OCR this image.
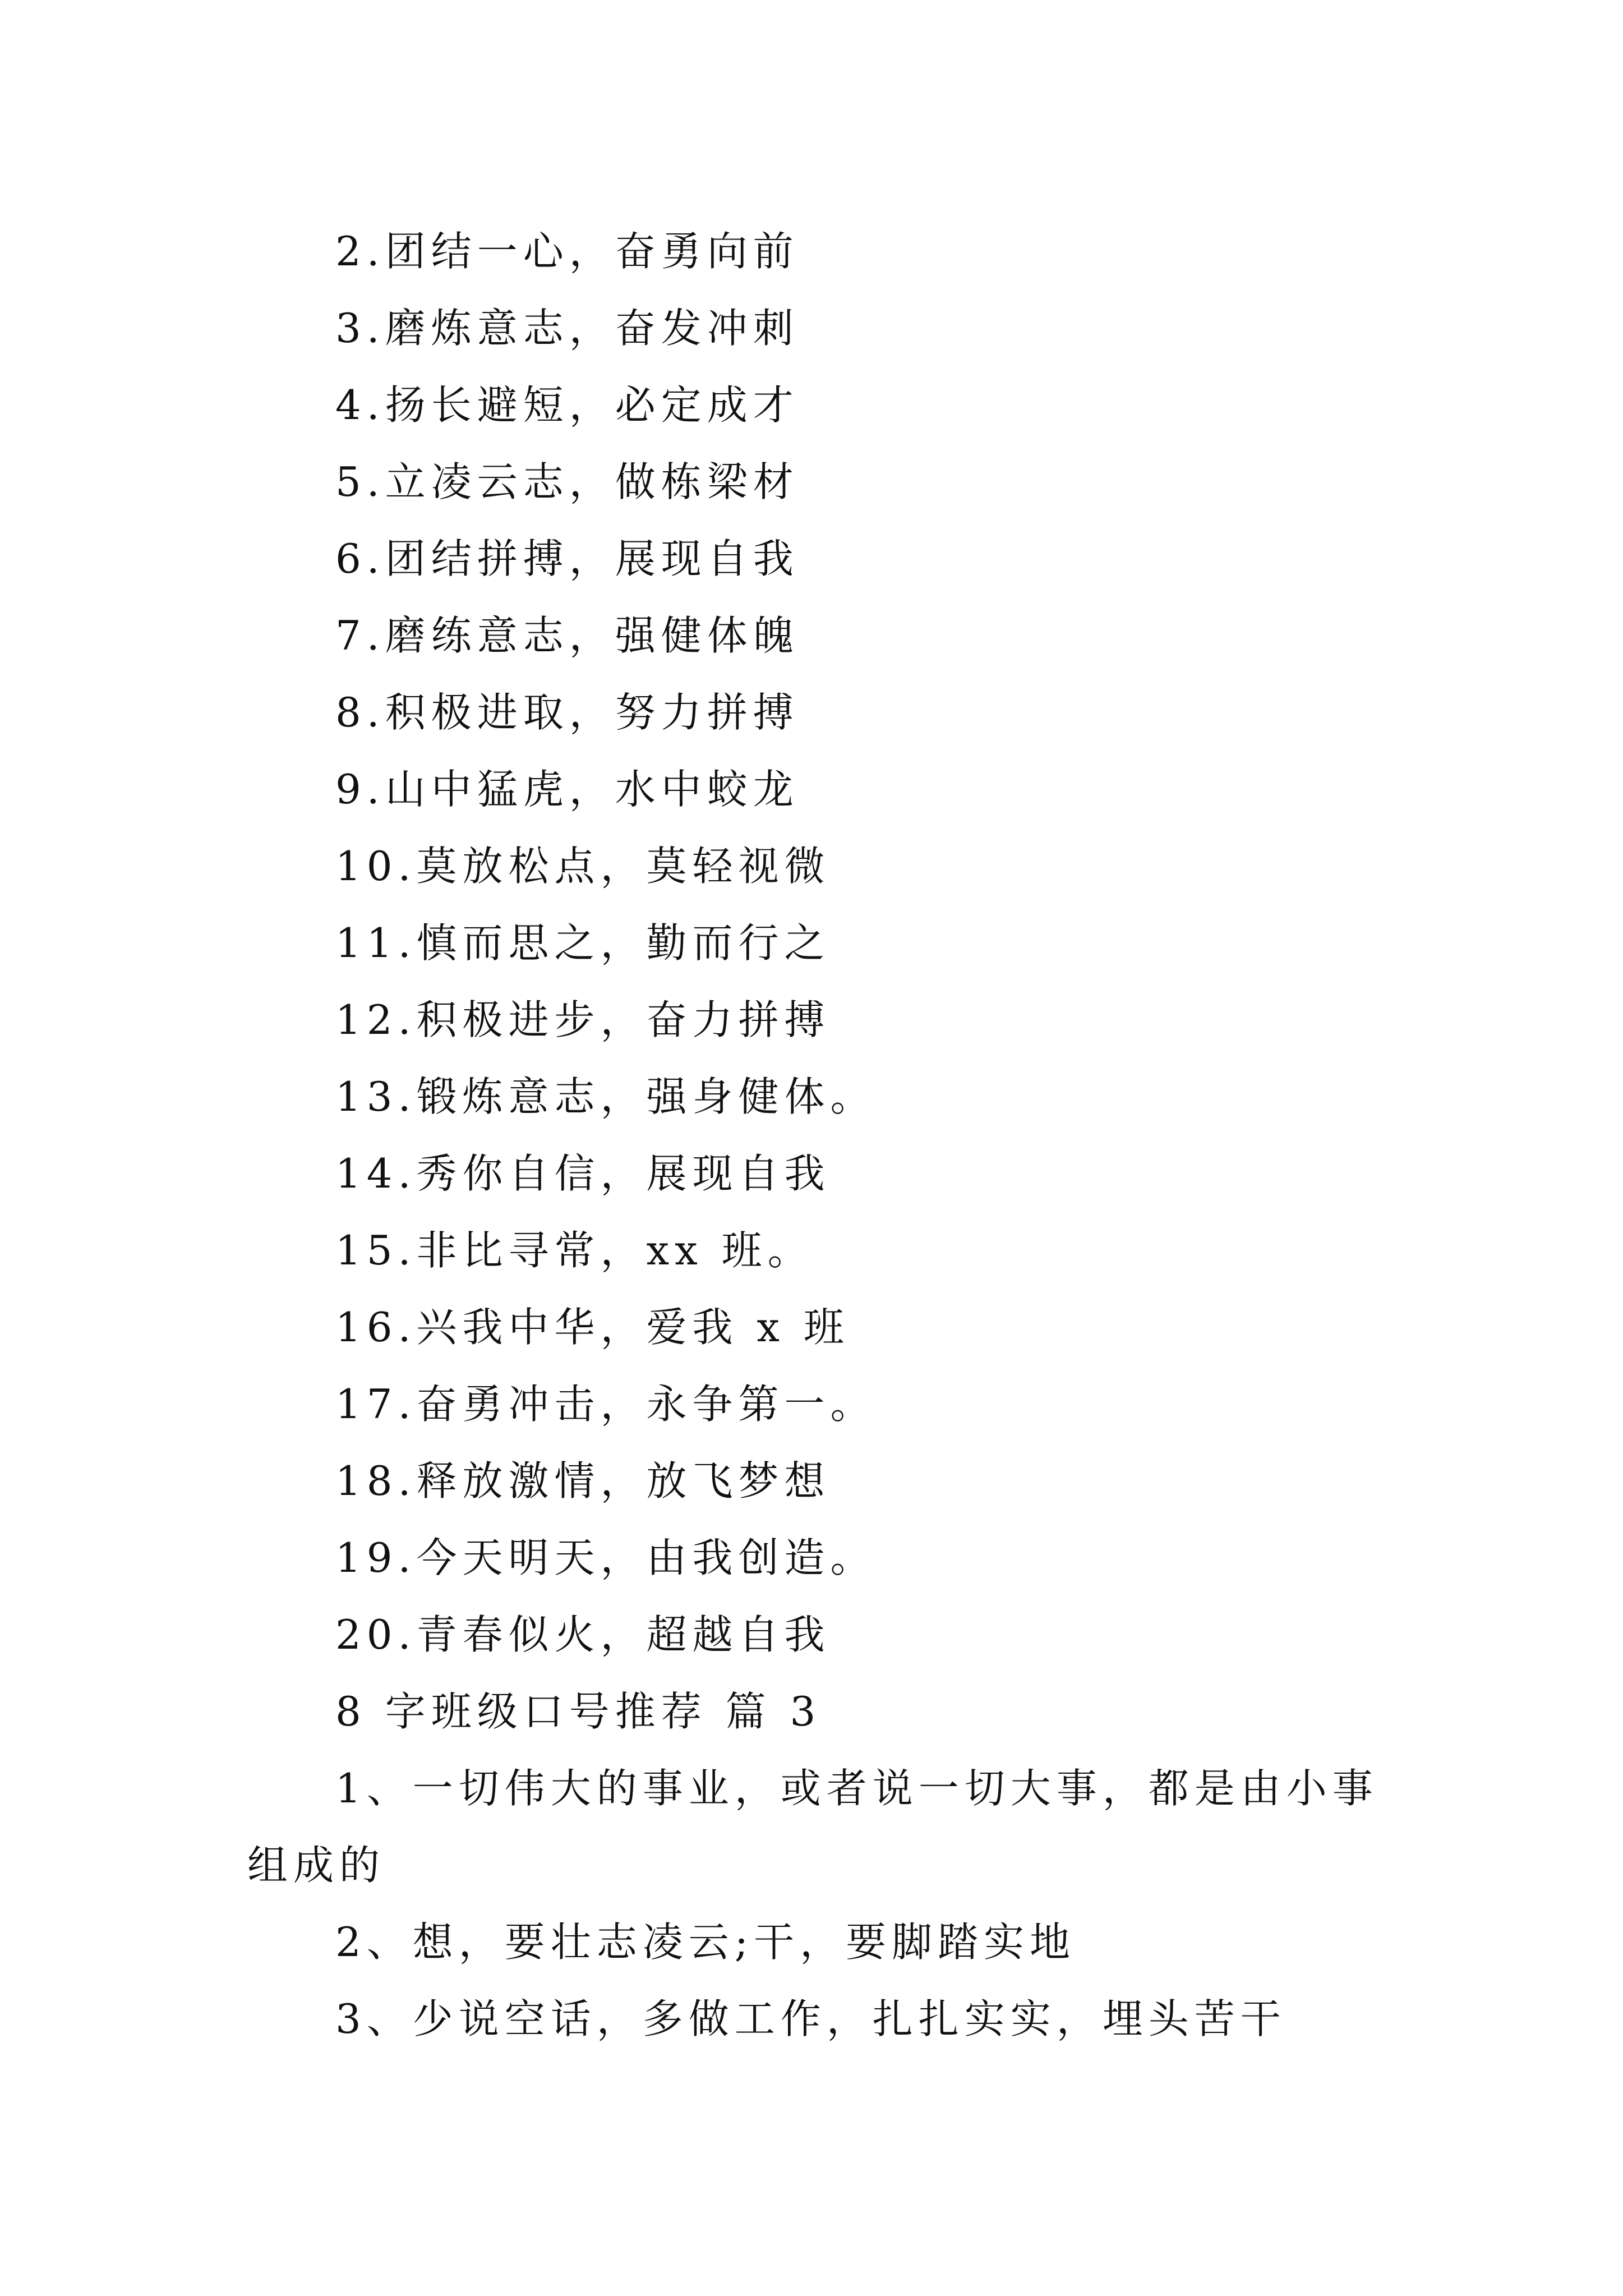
2.团结一心，奋勇向前
3.磨炼意志，奋发冲刺
4.扬长避短，必定成才
5.立凌云志，做栋梁材
6.团结拼搏，展现自我
7.磨练意志，强健体魄
8.积极进取，努力拼搏
9.山中猛虎，水中蛟龙
10.莫放松点，莫轻视微
11.慎而思之，勤而行之
12.积极进步，奋力拼搏
13.锻炼意志，强身健体。
14.秀你自信，展现自我
15.非比寻常，xx 班。
16.兴我中华，爱我 x 班
17.奋勇冲击，永争第一。
18.释放激情，放飞梦想
19.今天明天，由我创造。
20.青春似火，超越自我
8 字班级口号推荐 篇 3
1、一切伟大的事业，或者说一切大事，都是由小事组成的
2、想，要壮志凌云;干，要脚踏实地
3、少说空话，多做工作，扎扎实实，埋头苦干
